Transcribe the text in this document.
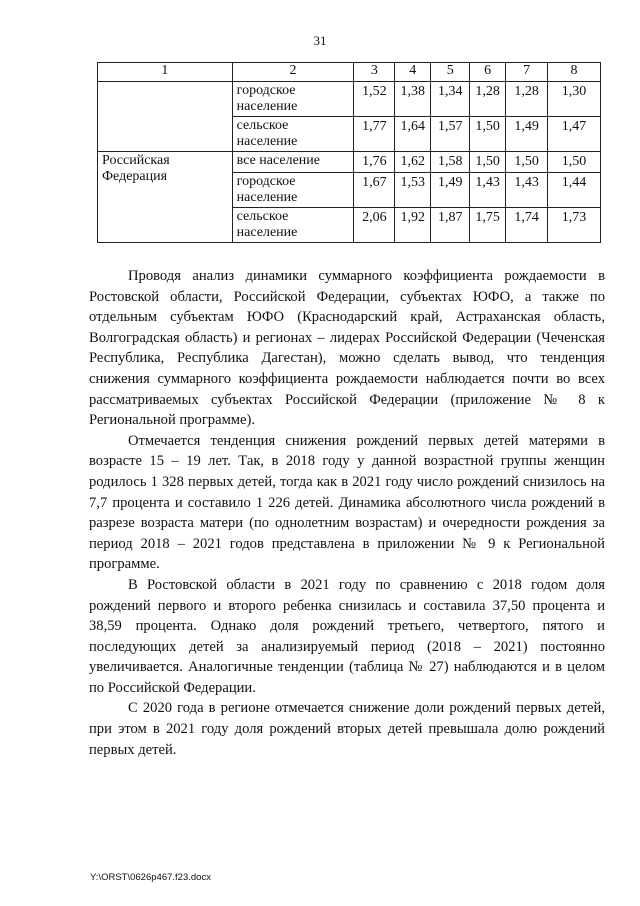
31
1	2	3	4	5	6	7	8
	городское население	1,52	1,38	1,34	1,28	1,28	1,30
	сельское население	1,77	1,64	1,57	1,50	1,49	1,47
Российская Федерация	все население	1,76	1,62	1,58	1,50	1,50	1,50
	городское население	1,67	1,53	1,49	1,43	1,43	1,44
	сельское население	2,06	1,92	1,87	1,75	1,74	1,73

Проводя анализ динамики суммарного коэффициента рождаемости в Ростовской области, Российской Федерации, субъектах ЮФО, а также по отдельным субъектам ЮФО (Краснодарский край, Астраханская область, Волгоградская область) и регионах – лидерах Российской Федерации (Чеченская Республика, Республика Дагестан), можно сделать вывод, что тенденция снижения суммарного коэффициента рождаемости наблюдается почти во всех рассматриваемых субъектах Российской Федерации (приложение № 8 к Региональной программе).

Отмечается тенденция снижения рождений первых детей матерями в возрасте 15 – 19 лет. Так, в 2018 году у данной возрастной группы женщин родилось 1 328 первых детей, тогда как в 2021 году число рождений снизилось на 7,7 процента и составило 1 226 детей. Динамика абсолютного числа рождений в разрезе возраста матери (по однолетним возрастам) и очередности рождения за период 2018 – 2021 годов представлена в приложении № 9 к Региональной программе.

В Ростовской области в 2021 году по сравнению с 2018 годом доля рождений первого и второго ребенка снизилась и составила 37,50 процента и 38,59 процента. Однако доля рождений третьего, четвертого, пятого и последующих детей за анализируемый период (2018 – 2021) постоянно увеличивается. Аналогичные тенденции (таблица № 27) наблюдаются и в целом по Российской Федерации.

С 2020 года в регионе отмечается снижение доли рождений первых детей, при этом в 2021 году доля рождений вторых детей превышала долю рождений первых детей.

Y:\ORST\0626p467.f23.docx
